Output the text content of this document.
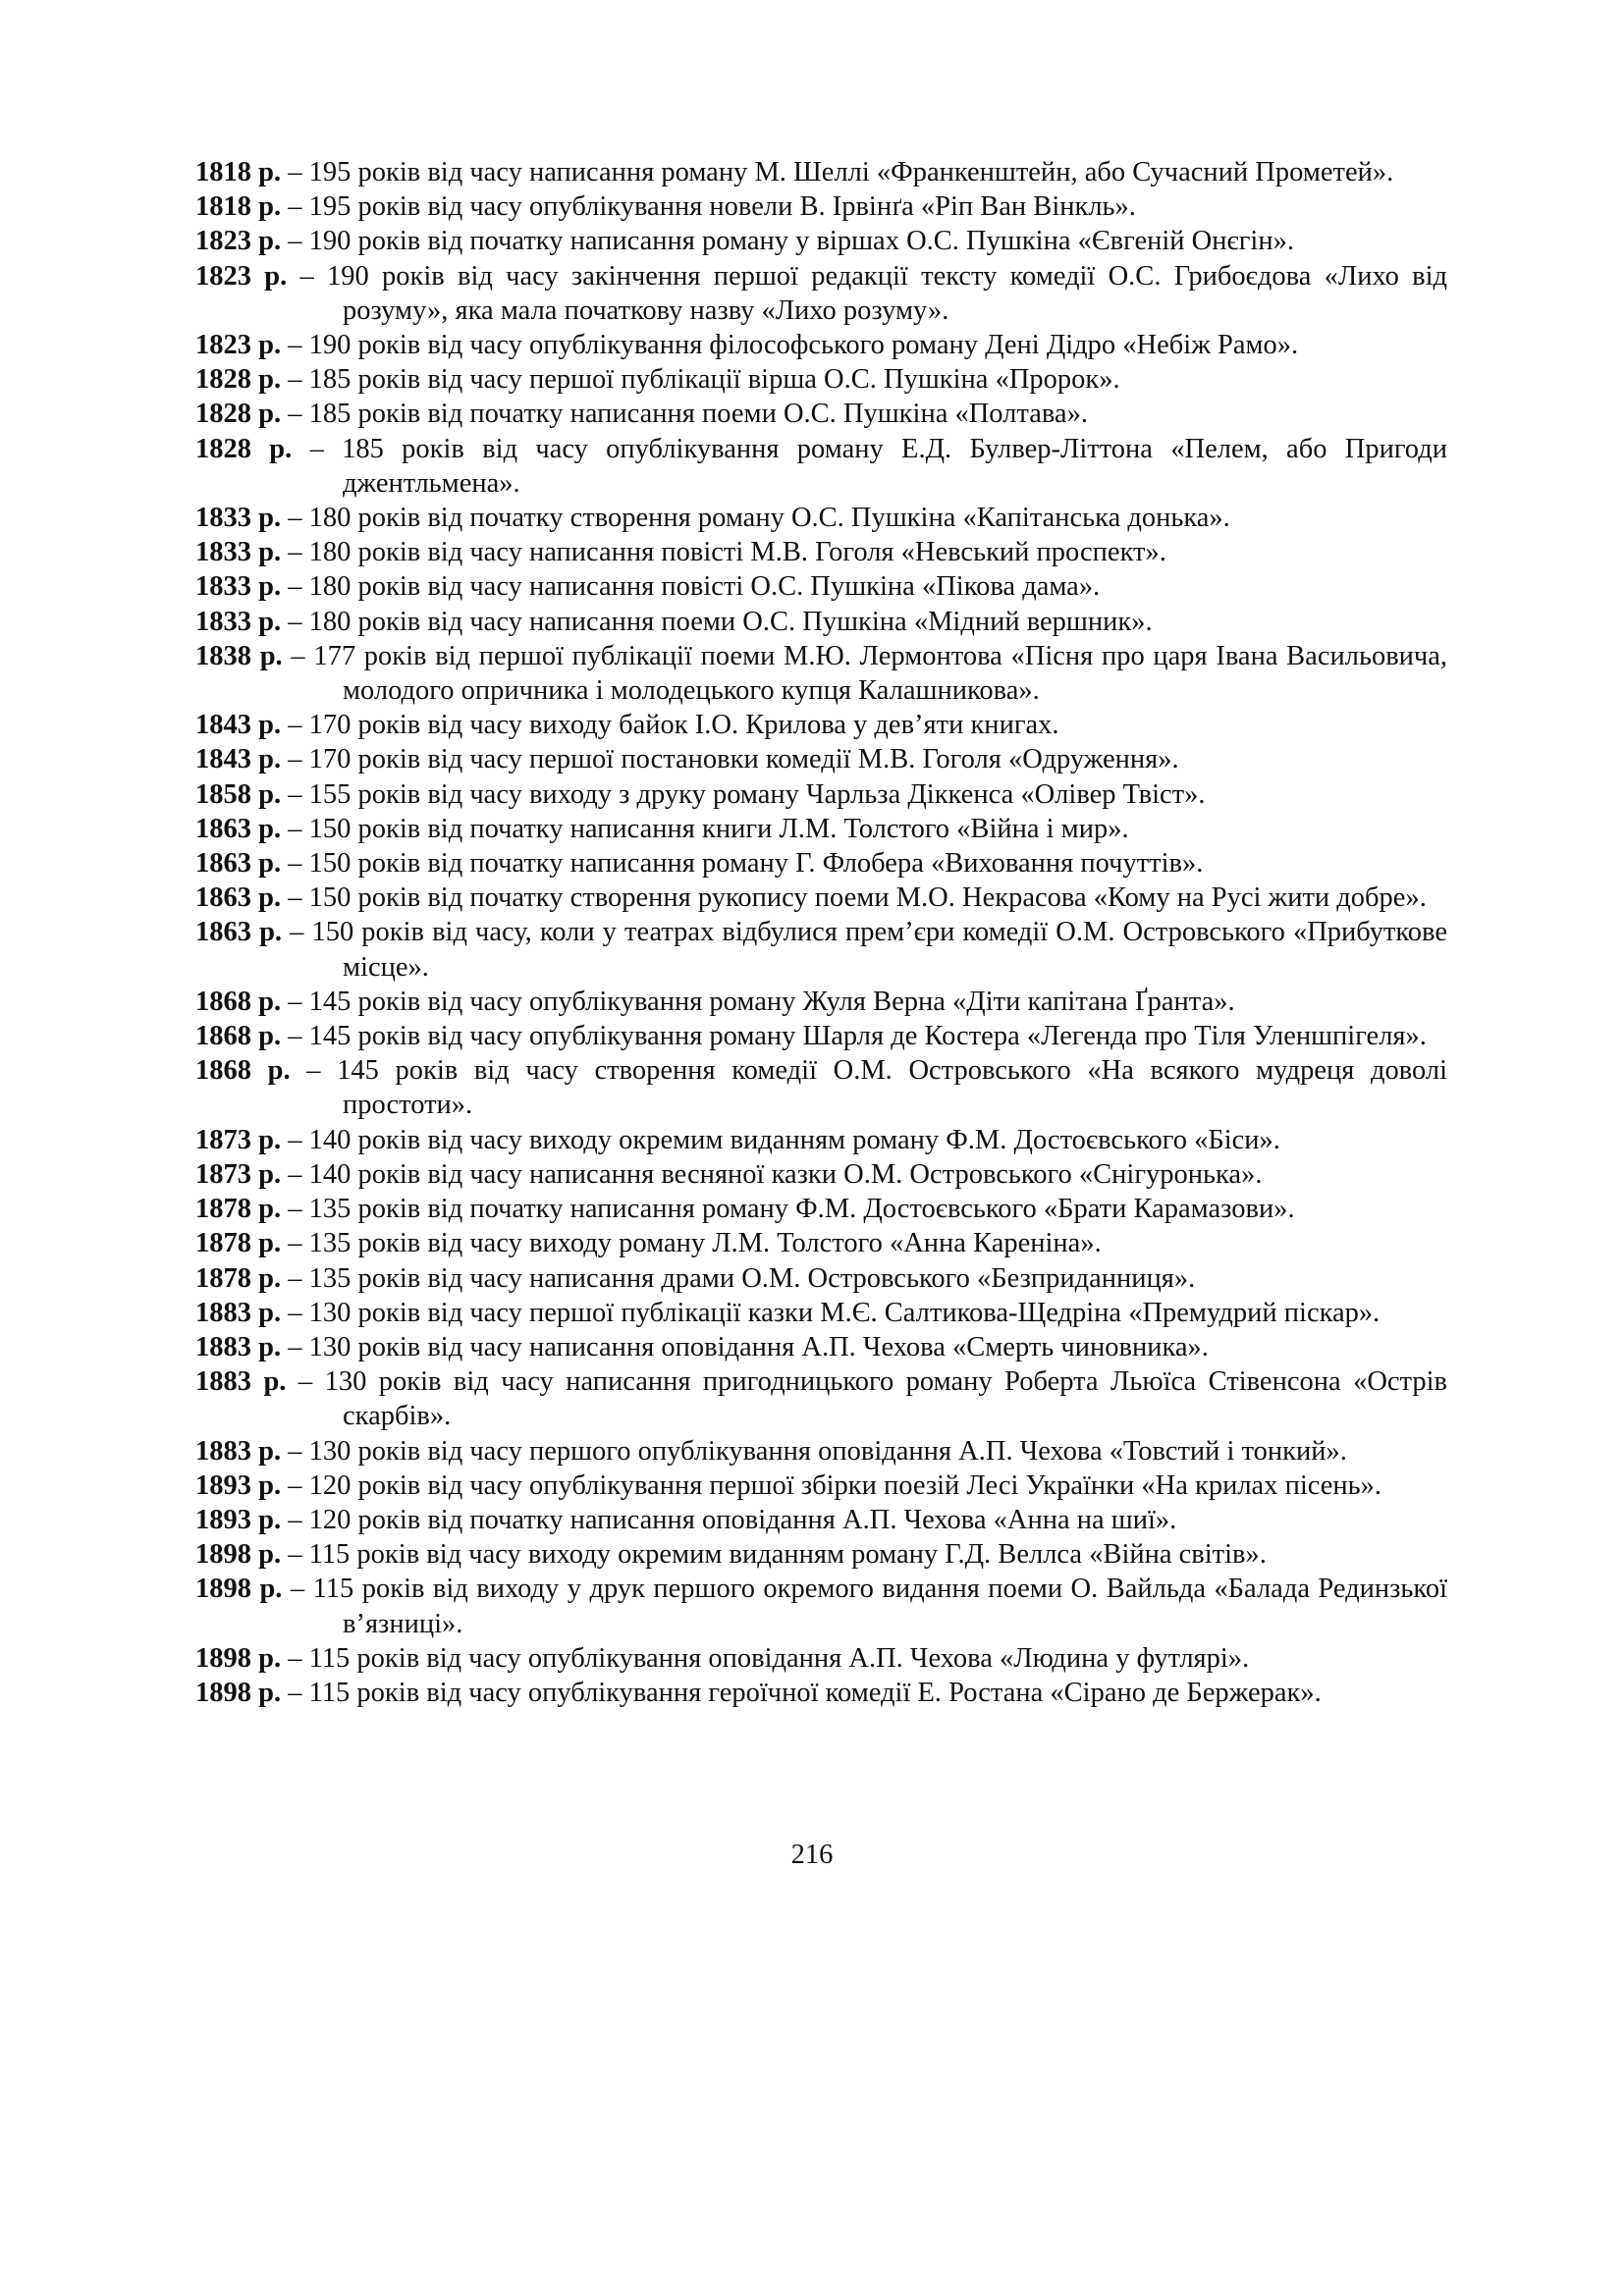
1818 р. – 195 років від часу написання роману М. Шеллі «Франкенштейн, або Сучасний Прометей».

1818 р. – 195 років від часу опублікування новели В. Ірвінґа «Ріп Ван Вінкль».

1823 р. – 190 років від початку написання роману у віршах О.С. Пушкіна «Євгеній Онєгін».

1823 р. – 190 років від часу закінчення першої редакції тексту комедії О.С. Грибоєдова «Лихо від розуму», яка мала початкову назву «Лихо розуму».

1823 р. – 190 років від часу опублікування філософського роману Дені Дідро «Небіж Рамо».

1828 р. – 185 років від часу першої публікації вірша О.С. Пушкіна «Пророк».

1828 р. – 185 років від початку написання поеми О.С. Пушкіна «Полтава».

1828 р. – 185 років від часу опублікування роману Е.Д. Булвер-Літтона «Пелем, або Пригоди джентльмена».

1833 р. – 180 років від початку створення роману О.С. Пушкіна «Капітанська донька».

1833 р. – 180 років від часу написання повісті М.В. Гоголя «Невський проспект».

1833 р. – 180 років від часу написання повісті О.С. Пушкіна «Пікова дама».

1833 р. – 180 років від часу написання поеми О.С. Пушкіна «Мідний вершник».

1838 р. – 177 років від першої публікації поеми М.Ю. Лермонтова «Пісня про царя Івана Васильовича, молодого опричника і молодецького купця Калашникова».

1843 р. – 170 років від часу виходу байок І.О. Крилова у дев’яти книгах.

1843 р. – 170 років від часу першої постановки комедії М.В. Гоголя «Одруження».

1858 р. – 155 років від часу виходу з друку роману Чарльза Діккенса «Олівер Твіст».

1863 р. – 150 років від початку написання книги Л.М. Толстого «Війна і мир».

1863 р. – 150 років від початку написання роману Г. Флобера «Виховання почуттів».

1863 р. – 150 років від початку створення рукопису поеми М.О. Некрасова «Кому на Русі жити добре».

1863 р. – 150 років від часу, коли у театрах відбулися прем’єри комедії О.М. Островського «Прибуткове місце».

1868 р. – 145 років від часу опублікування роману Жуля Верна «Діти капітана Ґранта».

1868 р. – 145 років від часу опублікування роману Шарля де Костера «Легенда про Тіля Уленшпігеля».

1868 р. – 145 років від часу створення комедії О.М. Островського «На всякого мудреця доволі простоти».

1873 р. – 140 років від часу виходу окремим виданням роману Ф.М. Достоєвського «Біси».

1873 р. – 140 років від часу написання весняної казки О.М. Островського «Снігуронька».

1878 р. – 135 років від початку написання роману Ф.М. Достоєвського «Брати Карамазови».

1878 р. – 135 років від часу виходу роману Л.М. Толстого «Анна Кареніна».

1878 р. – 135 років від часу написання драми О.М. Островського «Безприданниця».

1883 р. – 130 років від часу першої публікації казки М.Є. Салтикова-Щедріна «Премудрий піскар».

1883 р. – 130 років від часу написання оповідання А.П. Чехова «Смерть чиновника».

1883 р. – 130 років від часу написання пригодницького роману Роберта Льюїса Стівенсона «Острів скарбів».

1883 р. – 130 років від часу першого опублікування оповідання А.П. Чехова «Товстий і тонкий».

1893 р. – 120 років від часу опублікування першої збірки поезій Лесі Українки «На крилах пісень».

1893 р. – 120 років від початку написання оповідання А.П. Чехова «Анна на шиї».

1898 р. – 115 років від часу виходу окремим виданням роману Г.Д. Веллса «Війна світів».

1898 р. – 115 років від виходу у друк першого окремого видання поеми О. Вайльда «Балада Рединзької в’язниці».

1898 р. – 115 років від часу опублікування оповідання А.П. Чехова «Людина у футлярі».

1898 р. – 115 років від часу опублікування героїчної комедії Е. Ростана «Сірано де Бержерак».

216
